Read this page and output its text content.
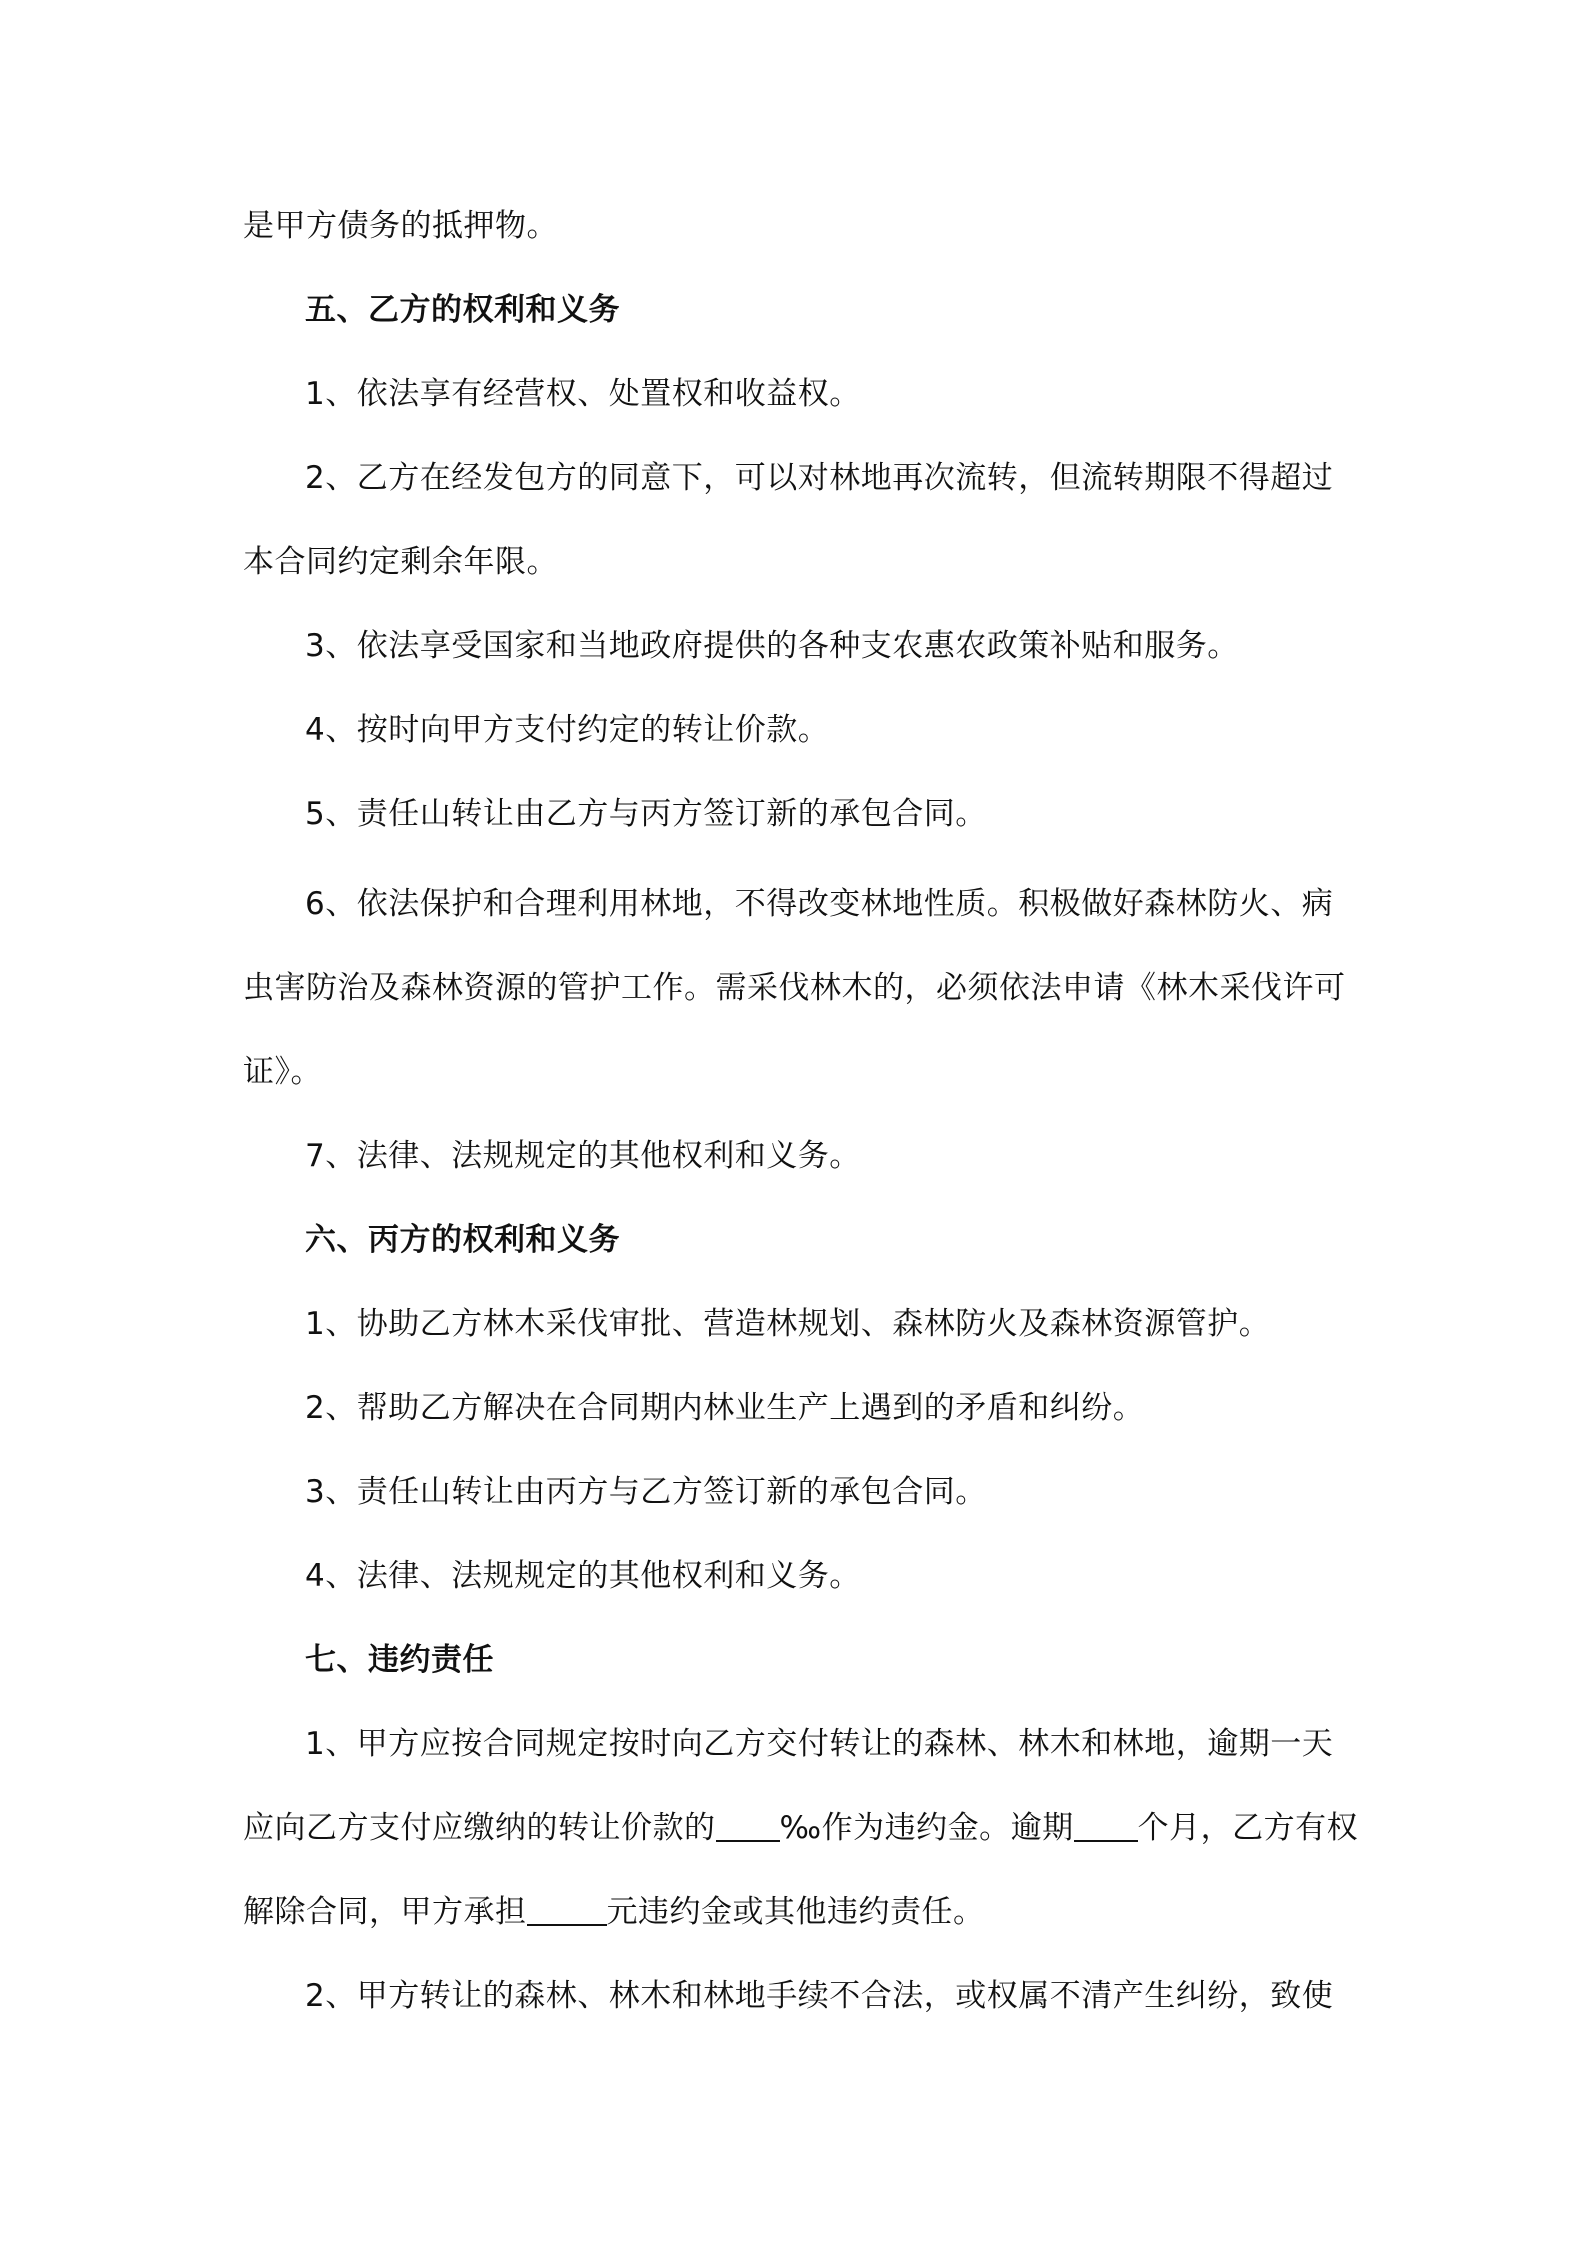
是甲方债务的抵押物。
五、乙方的权利和义务
1、依法享有经营权、处置权和收益权。
2、乙方在经发包方的同意下，可以对林地再次流转，但流转期限不得超过
本合同约定剩余年限。
3、依法享受国家和当地政府提供的各种支农惠农政策补贴和服务。
4、按时向甲方支付约定的转让价款。
5、责任山转让由乙方与丙方签订新的承包合同。
6、依法保护和合理利用林地，不得改变林地性质。积极做好森林防火、病
虫害防治及森林资源的管护工作。需采伐林木的，必须依法申请《林木采伐许可
证》。
7、法律、法规规定的其他权利和义务。
六、丙方的权利和义务
1、协助乙方林木采伐审批、营造林规划、森林防火及森林资源管护。
2、帮助乙方解决在合同期内林业生产上遇到的矛盾和纠纷。
3、责任山转让由丙方与乙方签订新的承包合同。
4、法律、法规规定的其他权利和义务。
七、违约责任
1、甲方应按合同规定按时向乙方交付转让的森林、林木和林地，逾期一天
应向乙方支付应缴纳的转让价款的 ‰作为违约金。逾期 个月，乙方有权
解除合同，甲方承担	元违约金或其他违约责任。
2、甲方转让的森林、林木和林地手续不合法，或权属不清产生纠纷，致使
